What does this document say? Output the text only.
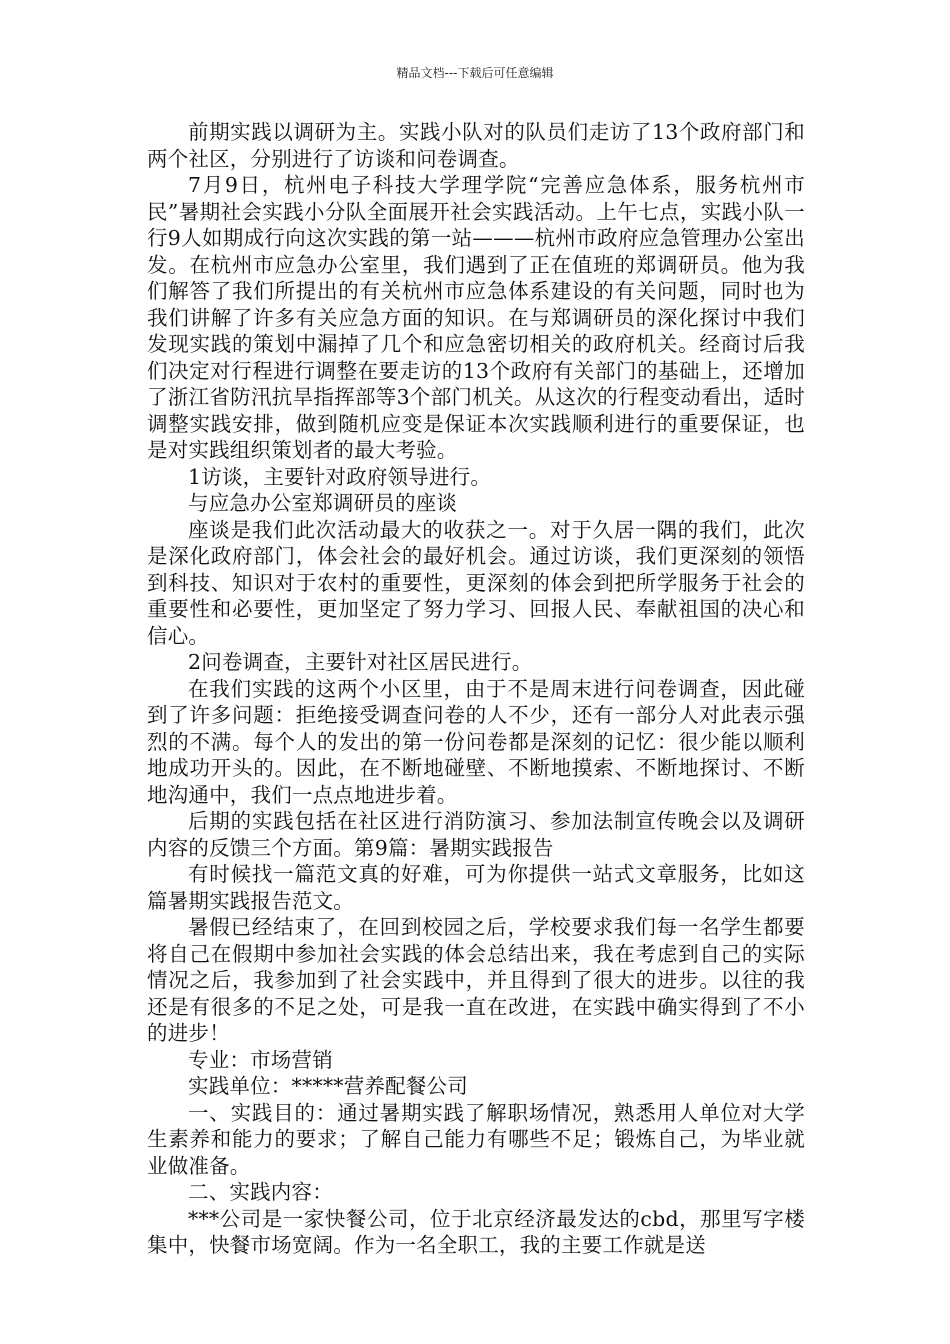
精品文档---下载后可任意编辑

前期实践以调研为主。实践小队对的队员们走访了13个政府部门和两个社区，分别进行了访谈和问卷调查。

7月9日，杭州电子科技大学理学院“完善应急体系，服务杭州市民”暑期社会实践小分队全面展开社会实践活动。上午七点，实践小队一行9人如期成行向这次实践的第一站———杭州市政府应急管理办公室出发。在杭州市应急办公室里，我们遇到了正在值班的郑调研员。他为我们解答了我们所提出的有关杭州市应急体系建设的有关问题，同时也为我们讲解了许多有关应急方面的知识。在与郑调研员的深化探讨中我们发现实践的策划中漏掉了几个和应急密切相关的政府机关。经商讨后我们决定对行程进行调整在要走访的13个政府有关部门的基础上，还增加了浙江省防汛抗旱指挥部等3个部门机关。从这次的行程变动看出，适时调整实践安排，做到随机应变是保证本次实践顺利进行的重要保证，也是对实践组织策划者的最大考验。

1访谈，主要针对政府领导进行。

与应急办公室郑调研员的座谈

座谈是我们此次活动最大的收获之一。对于久居一隅的我们，此次是深化政府部门，体会社会的最好机会。通过访谈，我们更深刻的领悟到科技、知识对于农村的重要性，更深刻的体会到把所学服务于社会的重要性和必要性，更加坚定了努力学习、回报人民、奉献祖国的决心和信心。

2问卷调查，主要针对社区居民进行。

在我们实践的这两个小区里，由于不是周末进行问卷调查，因此碰到了许多问题：拒绝接受调查问卷的人不少，还有一部分人对此表示强烈的不满。每个人的发出的第一份问卷都是深刻的记忆：很少能以顺利地成功开头的。因此，在不断地碰壁、不断地摸索、不断地探讨、不断地沟通中，我们一点点地进步着。

后期的实践包括在社区进行消防演习、参加法制宣传晚会以及调研内容的反馈三个方面。第9篇：暑期实践报告

有时候找一篇范文真的好难，可为你提供一站式文章服务，比如这篇暑期实践报告范文。

暑假已经结束了，在回到校园之后，学校要求我们每一名学生都要将自己在假期中参加社会实践的体会总结出来，我在考虑到自己的实际情况之后，我参加到了社会实践中，并且得到了很大的进步。以往的我还是有很多的不足之处，可是我一直在改进，在实践中确实得到了不小的进步！

专业：市场营销

实践单位：*****营养配餐公司

一、实践目的：通过暑期实践了解职场情况，熟悉用人单位对大学生素养和能力的要求；了解自己能力有哪些不足；锻炼自己，为毕业就业做准备。

二、实践内容：

***公司是一家快餐公司，位于北京经济最发达的cbd，那里写字楼集中，快餐市场宽阔。作为一名全职工，我的主要工作就是送
